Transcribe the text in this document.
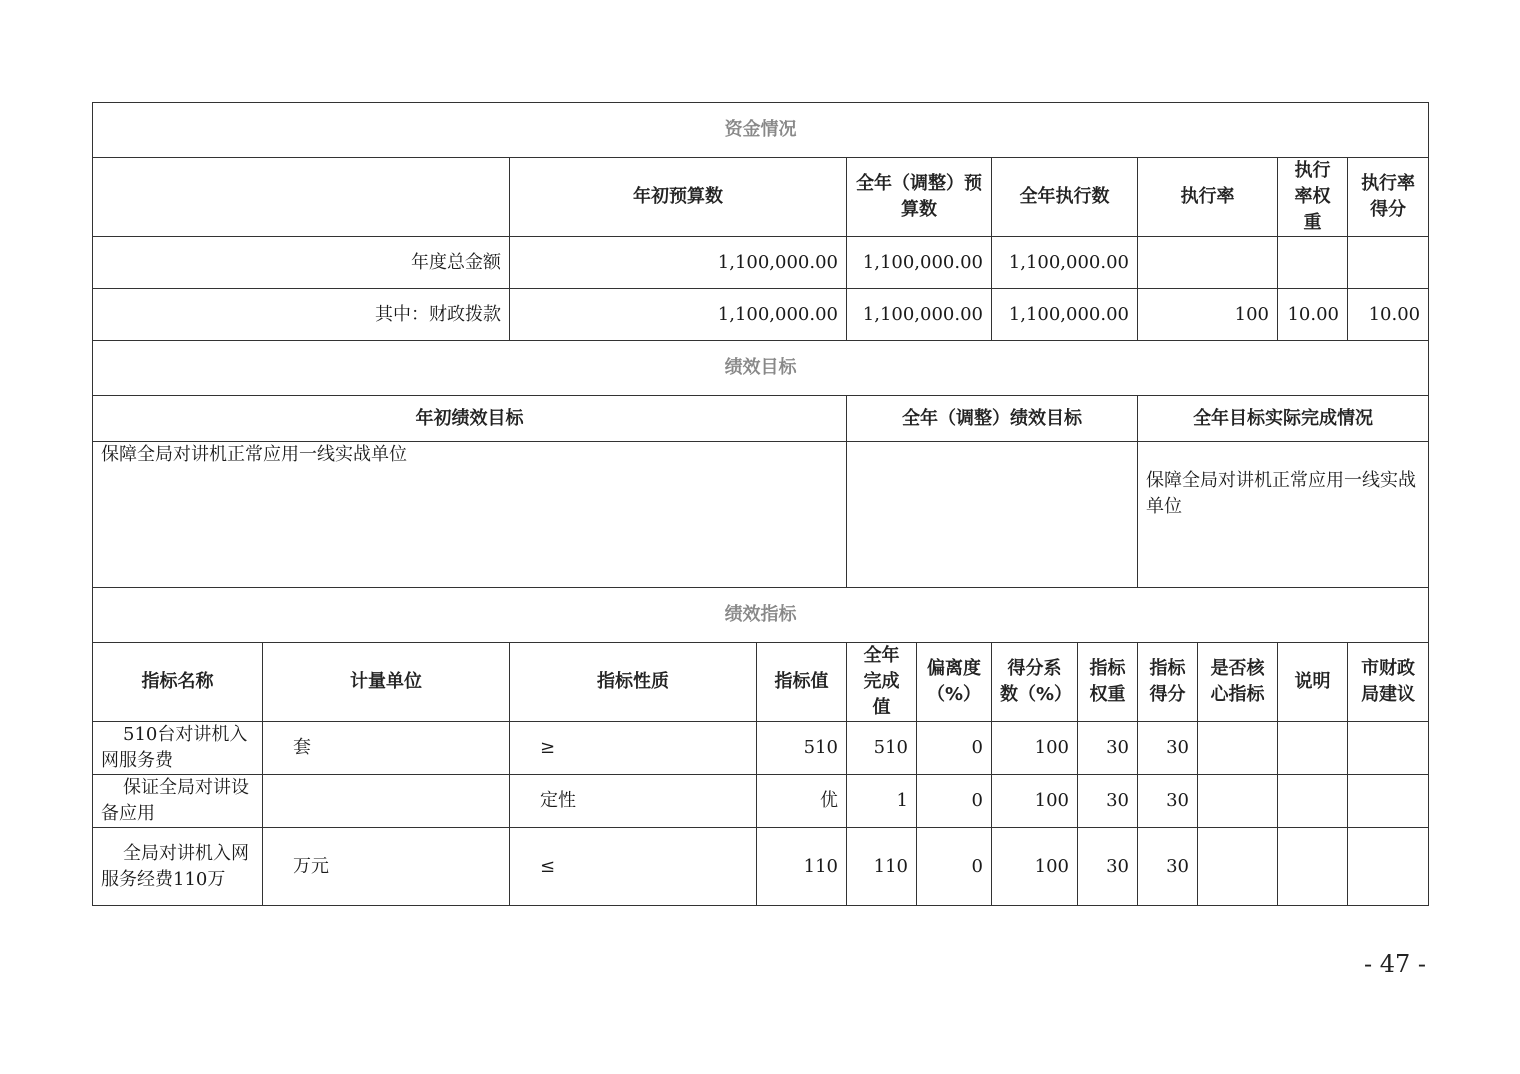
资金情况											
		年初预算数		全年（调整）预算数		全年执行数		执行率		执行率权重	执行率得分
年度总金额		1,100,000.00		1,100,000.00		1,100,000.00					
其中：财政拨款		1,100,000.00		1,100,000.00		1,100,000.00		100		10.00	10.00
绩效目标											
年初绩效目标				全年（调整）绩效目标				全年目标实际完成情况			
保障全局对讲机正常应用一线实战单位								保障全局对讲机正常应用一线实战单位			
绩效指标											
指标名称	计量单位	指标性质	指标值	全年完成值	偏离度（%）	得分系数（%）	指标权重	指标得分	是否核心指标	说明	市财政局建议
510台对讲机入网服务费	套	≥	510	510	0	100	30	30			
保证全局对讲设备应用		定性	优	1	0	100	30	30			
全局对讲机入网服务经费110万	万元	≤	110	110	0	100	30	30			
- 47 -
